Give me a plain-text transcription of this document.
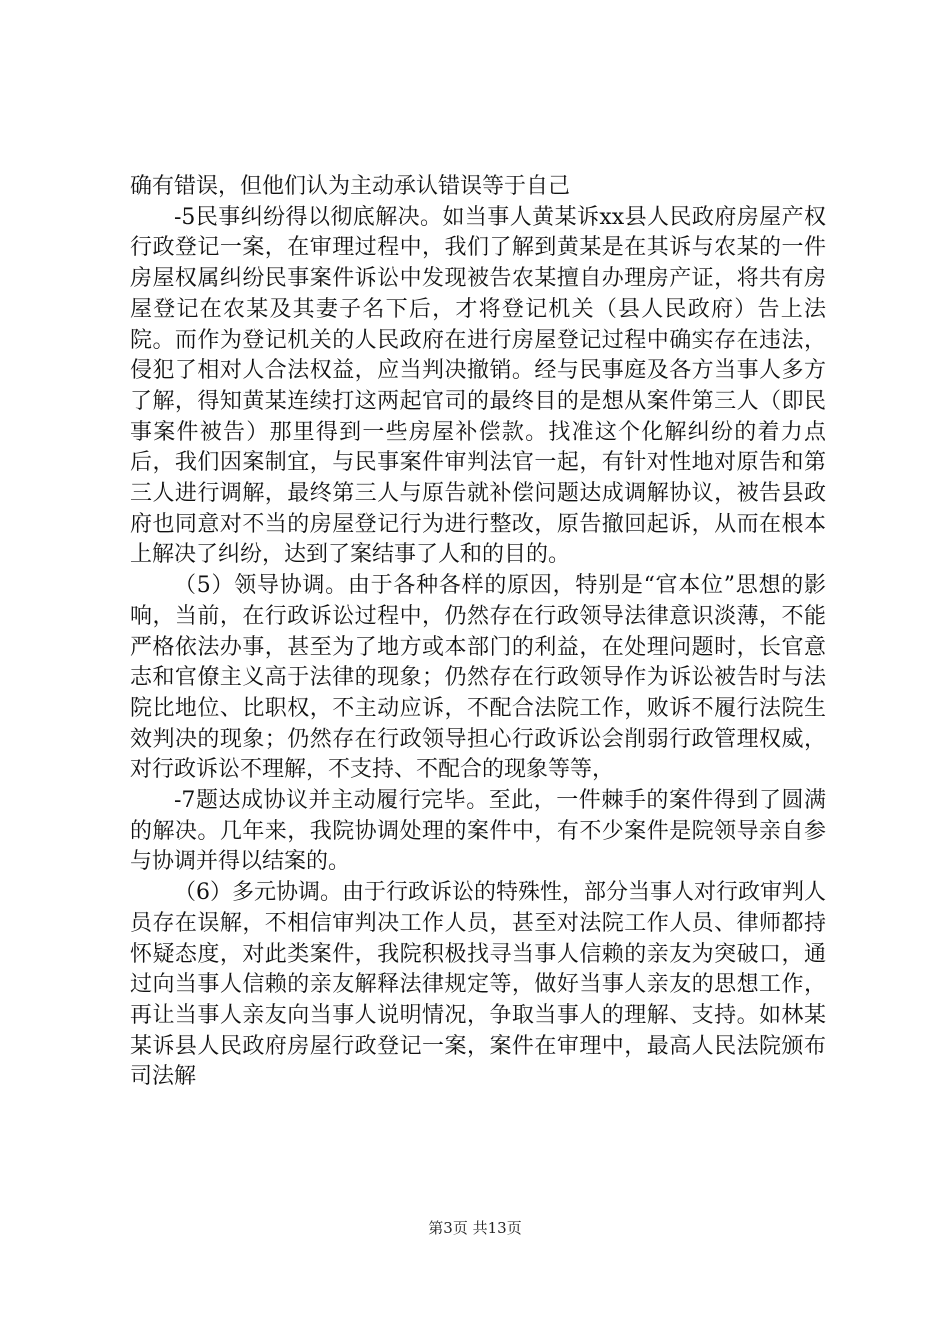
确有错误，但他们认为主动承认错误等于自己

-5民事纠纷得以彻底解决。如当事人黄某诉xx县人民政府房屋产权行政登记一案，在审理过程中，我们了解到黄某是在其诉与农某的一件房屋权属纠纷民事案件诉讼中发现被告农某擅自办理房产证，将共有房屋登记在农某及其妻子名下后，才将登记机关（县人民政府）告上法院。而作为登记机关的人民政府在进行房屋登记过程中确实存在违法，侵犯了相对人合法权益，应当判决撤销。经与民事庭及各方当事人多方了解，得知黄某连续打这两起官司的最终目的是想从案件第三人（即民事案件被告）那里得到一些房屋补偿款。找准这个化解纠纷的着力点后，我们因案制宜，与民事案件审判法官一起，有针对性地对原告和第三人进行调解，最终第三人与原告就补偿问题达成调解协议，被告县政府也同意对不当的房屋登记行为进行整改，原告撤回起诉，从而在根本上解决了纠纷，达到了案结事了人和的目的。

（5）领导协调。由于各种各样的原因，特别是“官本位”思想的影响，当前，在行政诉讼过程中，仍然存在行政领导法律意识淡薄，不能严格依法办事，甚至为了地方或本部门的利益，在处理问题时，长官意志和官僚主义高于法律的现象；仍然存在行政领导作为诉讼被告时与法院比地位、比职权，不主动应诉，不配合法院工作，败诉不履行法院生效判决的现象；仍然存在行政领导担心行政诉讼会削弱行政管理权威，对行政诉讼不理解，不支持、不配合的现象等等，

-7题达成协议并主动履行完毕。至此，一件棘手的案件得到了圆满的解决。几年来，我院协调处理的案件中，有不少案件是院领导亲自参与协调并得以结案的。

（6）多元协调。由于行政诉讼的特殊性，部分当事人对行政审判人员存在误解，不相信审判决工作人员，甚至对法院工作人员、律师都持怀疑态度，对此类案件，我院积极找寻当事人信赖的亲友为突破口，通过向当事人信赖的亲友解释法律规定等，做好当事人亲友的思想工作，再让当事人亲友向当事人说明情况，争取当事人的理解、支持。如林某某诉县人民政府房屋行政登记一案，案件在审理中，最高人民法院颁布司法解

第3页 共13页
